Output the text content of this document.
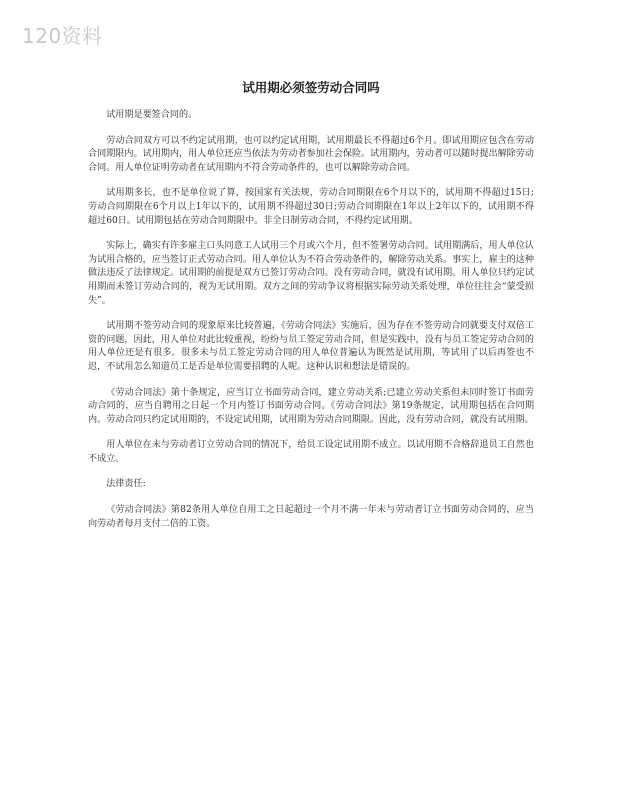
120资料
试用期必须签劳动合同吗

试用期是要签合同的。

劳动合同双方可以不约定试用期，也可以约定试用期，试用期最长不得超过6个月。即试用期应包含在劳动合同期限内。试用期内，用人单位还应当依法为劳动者参加社会保险。试用期内，劳动者可以随时提出解除劳动合同。用人单位证明劳动者在试用期内不符合劳动条件的，也可以解除劳动合同。

试用期多长，也不是单位说了算，按国家有关法规，劳动合同期限在6个月以下的，试用期不得超过15日;劳动合同期限在6个月以上1年以下的，试用期不得超过30日;劳动合同期限在1年以上2年以下的，试用期不得超过60日。试用期包括在劳动合同期限中。非全日制劳动合同，不得约定试用期。

实际上，确实有许多雇主口头同意工人试用三个月或六个月，但不签署劳动合同。试用期满后，用人单位认为试用合格的，应当签订正式劳动合同。用人单位认为不符合劳动条件的，解除劳动关系。事实上，雇主的这种做法违反了法律规定。试用期的前提是双方已签订劳动合同。没有劳动合同，就没有试用期。用人单位只约定试用期而未签订劳动合同的，视为无试用期。双方之间的劳动争议将根据实际劳动关系处理，单位往往会“蒙受损失”。

试用期不签劳动合同的现象原来比较普遍，《劳动合同法》实施后，因为存在不签劳动合同就要支付双倍工资的问题，因此，用人单位对此比较重视，纷纷与员工签定劳动合同，但是实践中，没有与员工签定劳动合同的用人单位还是有很多。很多未与员工签定劳动合同的用人单位普遍认为既然是试用期，等试用了以后再签也不迟，不试用怎么知道员工是否是单位需要招聘的人呢。这种认识和想法是错误的。

《劳动合同法》第十条规定，应当订立书面劳动合同，建立劳动关系;已建立劳动关系但未同时签订书面劳动合同的，应当自聘用之日起一个月内签订书面劳动合同。《劳动合同法》第19条规定，试用期包括在合同期内。劳动合同只约定试用期的，不设定试用期，试用期为劳动合同期限。因此，没有劳动合同，就没有试用期。

用人单位在未与劳动者订立劳动合同的情况下，给员工设定试用期不成立。以试用期不合格辞退员工自然也不成立。

法律责任:

《劳动合同法》第82条用人单位自用工之日起超过一个月不满一年未与劳动者订立书面劳动合同的，应当向劳动者每月支付二倍的工资。
